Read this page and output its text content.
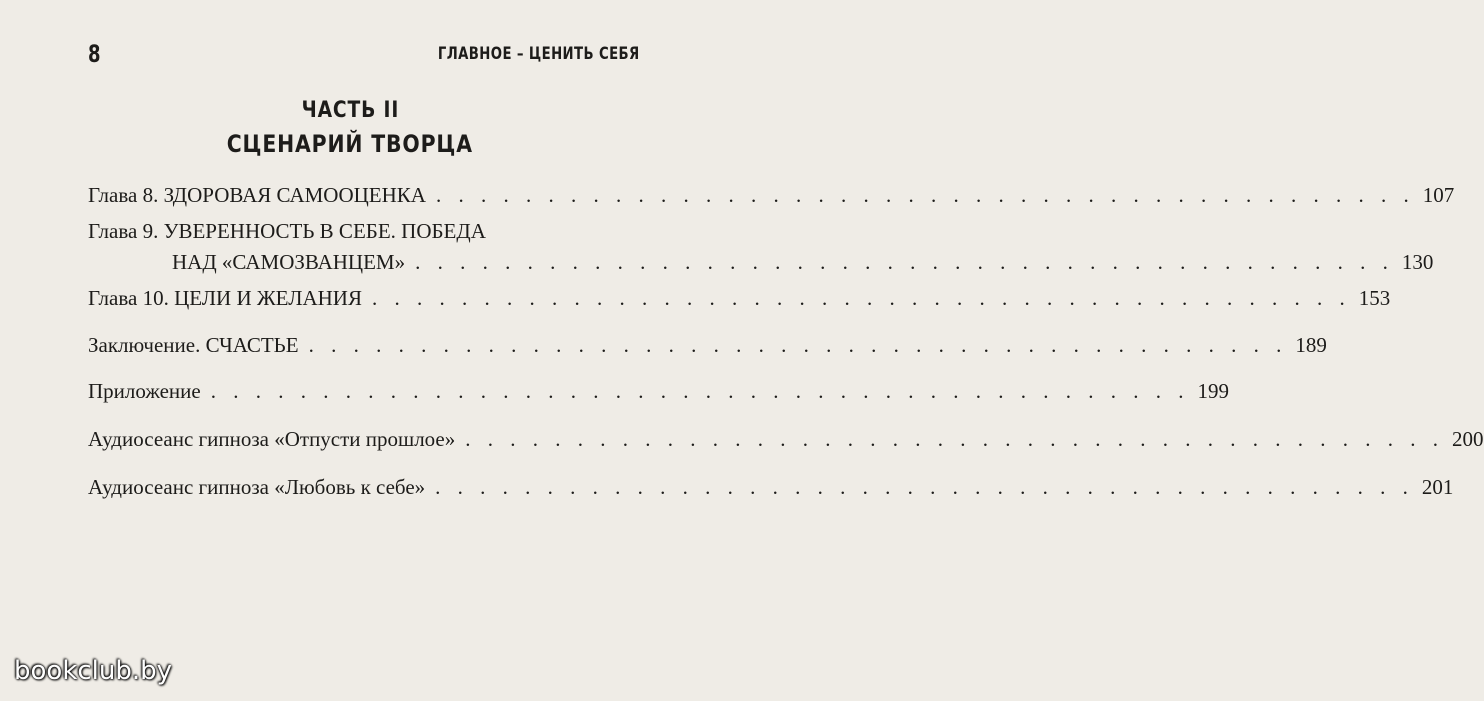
8	ГЛАВНОЕ – ЦЕНИТЬ СЕБЯ

ЧАСТЬ II
СЦЕНАРИЙ ТВОРЦА
Глава 8. ЗДОРОВАЯ САМООЦЕНКА . . . . . . . . . . . . . . . . . . . . . . . . . . . . . . . . . . . . . . . . . . . . 107
Глава 9. УВЕРЕННОСТЬ В СЕБЕ. ПОБЕДА
НАД «САМОЗВАНЦЕМ» . . . . . . . . . . . . . . . . . . . . . . . . . . . . . . . . . . . . . . . . . . . . 130
Глава 10. ЦЕЛИ И ЖЕЛАНИЯ . . . . . . . . . . . . . . . . . . . . . . . . . . . . . . . . . . . . . . . . . . . . 153
Заключение. СЧАСТЬЕ . . . . . . . . . . . . . . . . . . . . . . . . . . . . . . . . . . . . . . . . . . . . 189
Приложение . . . . . . . . . . . . . . . . . . . . . . . . . . . . . . . . . . . . . . . . . . . . 199
Аудиосеанс гипноза «Отпусти прошлое» . . . . . . . . . . . . . . . . . . . . . . . . . . . . . . . . . . . . . . . . . . . . 200
Аудиосеанс гипноза «Любовь к себе» . . . . . . . . . . . . . . . . . . . . . . . . . . . . . . . . . . . . . . . . . . . . 201
bookclub.by
